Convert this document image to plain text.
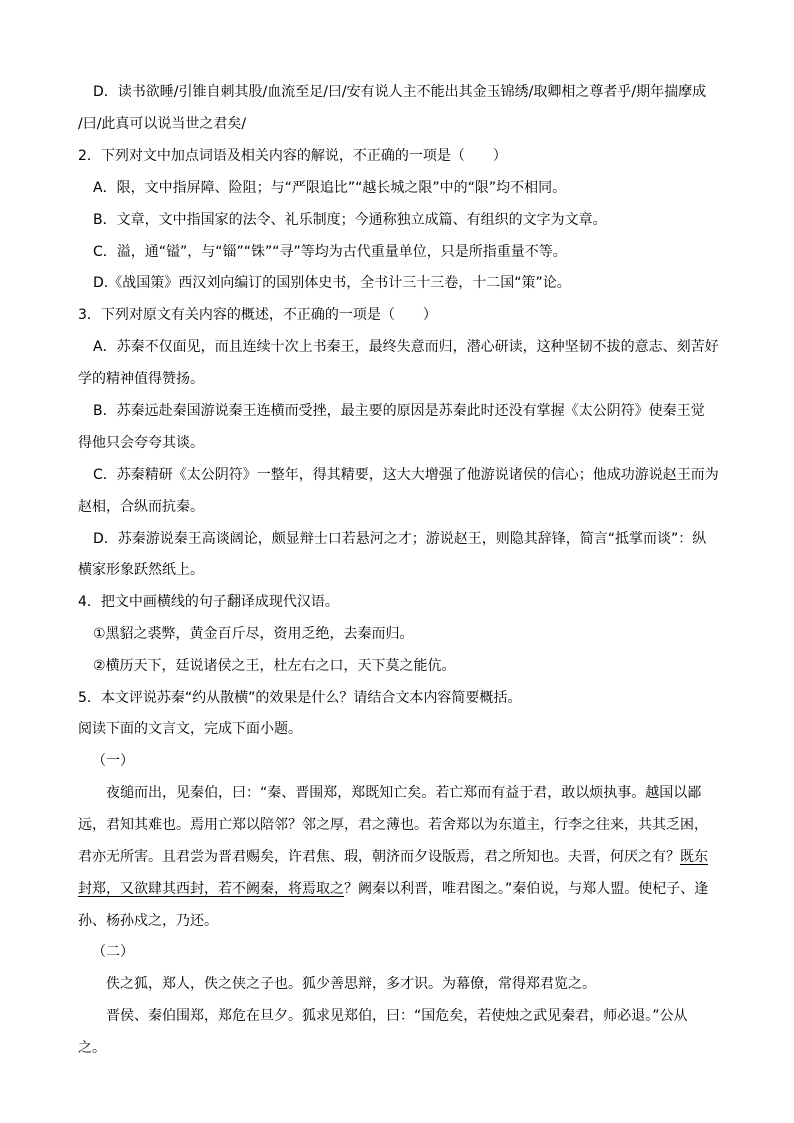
D．读书欲睡/引锥自刺其股/血流至足/曰/安有说人主不能出其金玉锦绣/取卿相之尊者乎/期年揣摩成
/曰/此真可以说当世之君矣/
2．下列对文中加点词语及相关内容的解说，不正确的一项是（　　）
A．限，文中指屏障、险阻；与“严限追比”“越长城之限”中的“限”均不相同。
B．文章，文中指国家的法令、礼乐制度；今通称独立成篇、有组织的文字为文章。
C．溢，通“镒”，与“锱”“铢”“寻”等均为古代重量单位，只是所指重量不等。
D.《战国策》西汉刘向编订的国别体史书，全书计三十三卷，十二国“策”论。
3．下列对原文有关内容的概述，不正确的一项是（　　）
A．苏秦不仅面见，而且连续十次上书秦王，最终失意而归，潜心研读，这种坚韧不拔的意志、刻苦好
学的精神值得赞扬。
B．苏秦远赴秦国游说秦王连横而受挫，最主要的原因是苏秦此时还没有掌握《太公阴符》使秦王觉
得他只会夸夸其谈。
C．苏秦精研《太公阴符》一整年，得其精要，这大大增强了他游说诸侯的信心；他成功游说赵王而为
赵相，合纵而抗秦。
D．苏秦游说秦王高谈阔论，颇显辩士口若悬河之才；游说赵王，则隐其辞锋，简言“抵掌而谈”：纵
横家形象跃然纸上。
4．把文中画横线的句子翻译成现代汉语。
①黑貂之裘弊，黄金百斤尽，资用乏绝，去秦而归。
②横历天下，廷说诸侯之王，杜左右之口，天下莫之能伉。
5．本文评说苏秦“约从散横”的效果是什么？请结合文本内容简要概括。
阅读下面的文言文，完成下面小题。
（一）
夜缒而出，见秦伯，曰：“秦、晋围郑，郑既知亡矣。若亡郑而有益于君，敢以烦执事。越国以鄙
远，君知其难也。焉用亡郑以陪邻？邻之厚，君之薄也。若舍郑以为东道主，行李之往来，共其乏困，
君亦无所害。且君尝为晋君赐矣，许君焦、瑕，朝济而夕设版焉，君之所知也。夫晋，何厌之有？既东
封郑，又欲肆其西封，若不阙秦，将焉取之？阙秦以利晋，唯君图之。”秦伯说，与郑人盟。使杞子、逢
孙、杨孙戍之，乃还。
（二）
佚之狐，郑人，佚之侠之子也。狐少善思辩，多才识。为幕僚，常得郑君览之。
晋侯、秦伯围郑，郑危在旦夕。狐求见郑伯，曰：“国危矣，若使烛之武见秦君，师必退。”公从
之。
